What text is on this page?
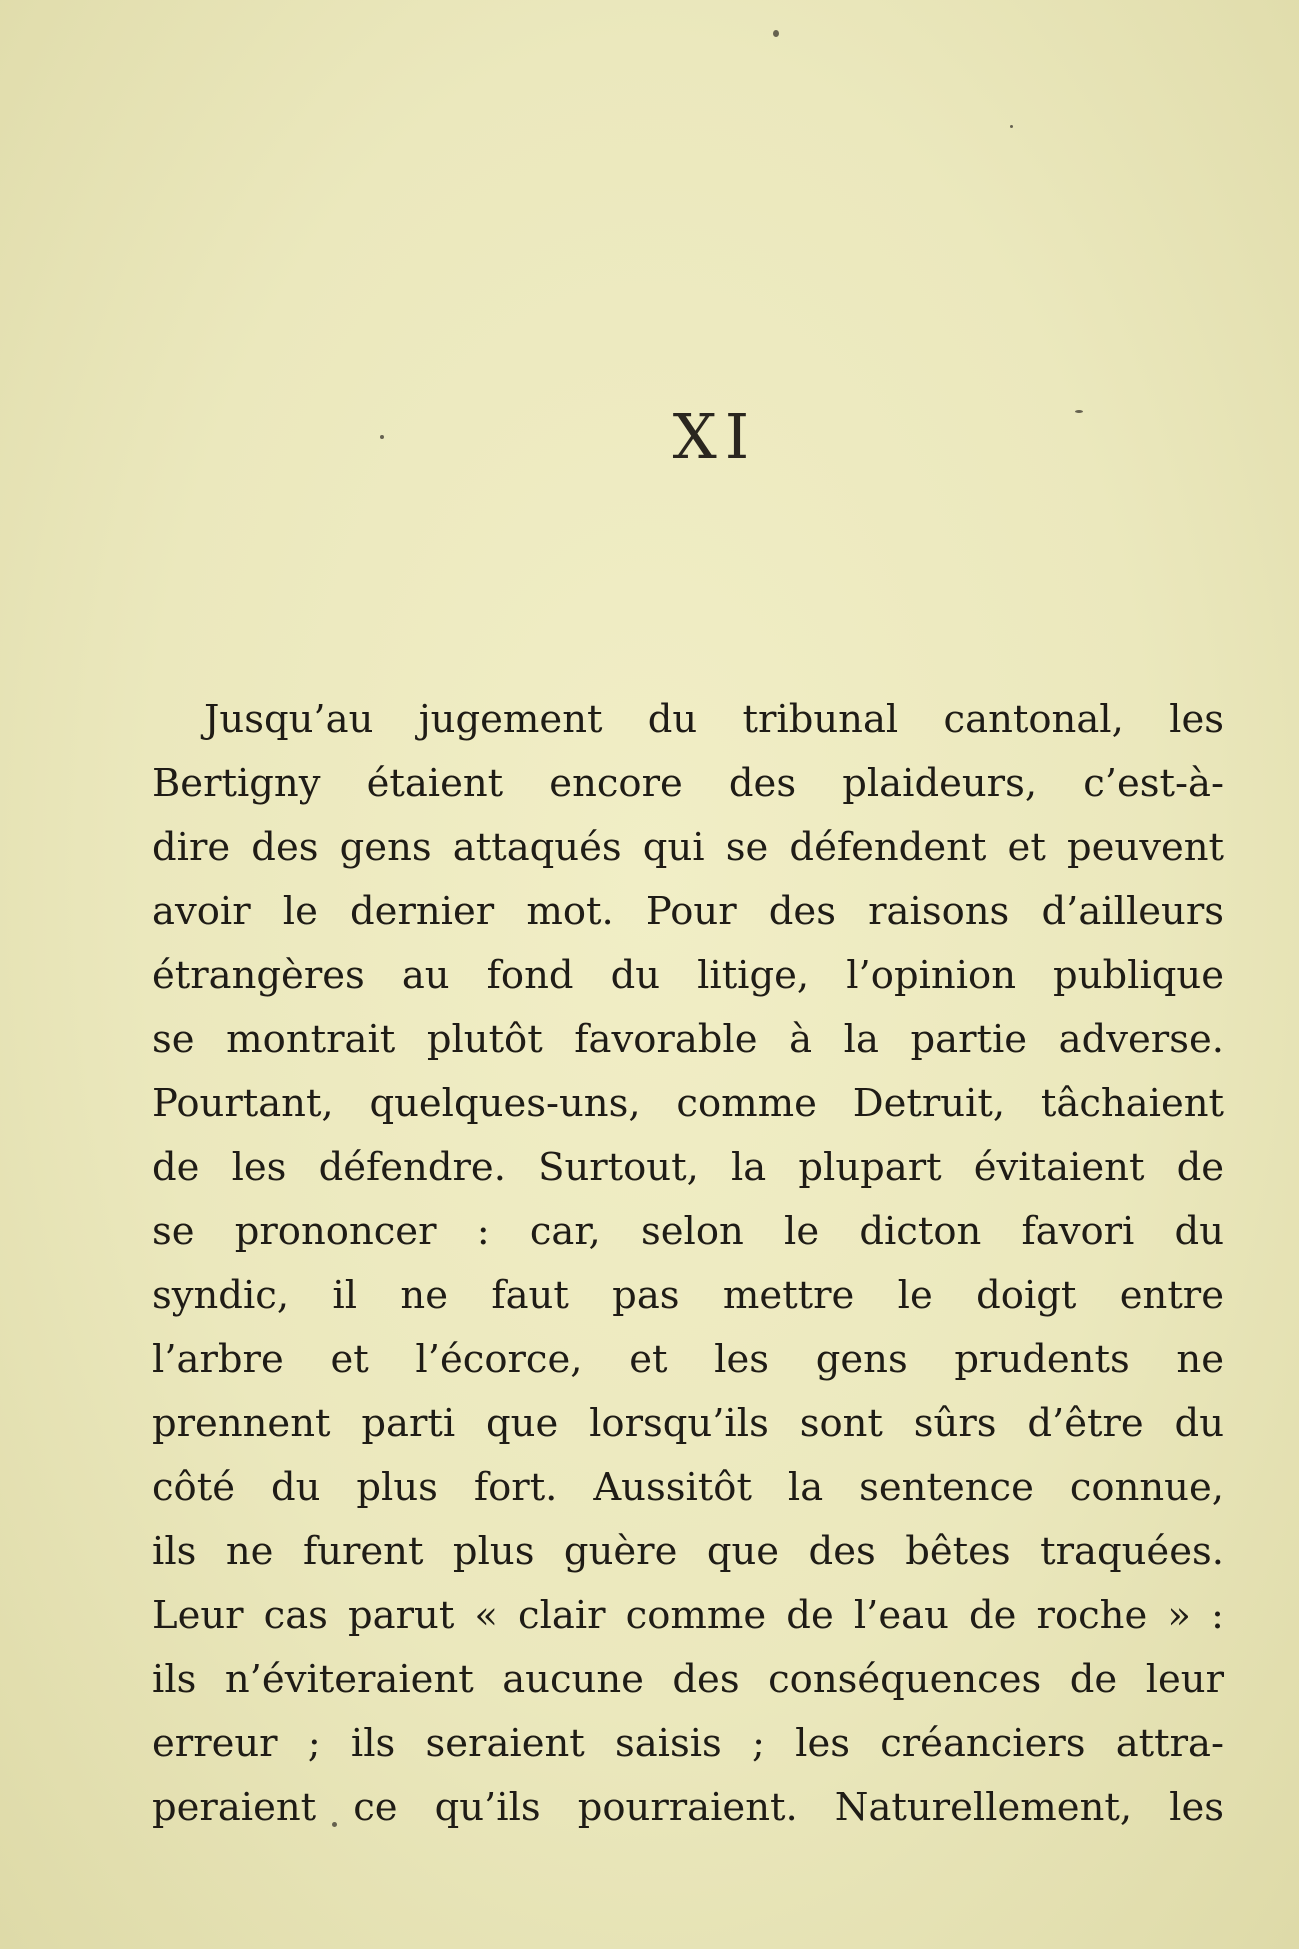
XI
Jusqu’au jugement du tribunal cantonal, les
Bertigny étaient encore des plaideurs, c’est-à-
dire des gens attaqués qui se défendent et peuvent
avoir le dernier mot. Pour des raisons d’ailleurs
étrangères au fond du litige, l’opinion publique
se montrait plutôt favorable à la partie adverse.
Pourtant, quelques-uns, comme Detruit, tâchaient
de les défendre. Surtout, la plupart évitaient de
se prononcer : car, selon le dicton favori du
syndic, il ne faut pas mettre le doigt entre
l’arbre et l’écorce, et les gens prudents ne
prennent parti que lorsqu’ils sont sûrs d’être du
côté du plus fort. Aussitôt la sentence connue,
ils ne furent plus guère que des bêtes traquées.
Leur cas parut « clair comme de l’eau de roche » :
ils n’éviteraient aucune des conséquences de leur
erreur ; ils seraient saisis ; les créanciers attra-
peraient ce qu’ils pourraient. Naturellement, les
